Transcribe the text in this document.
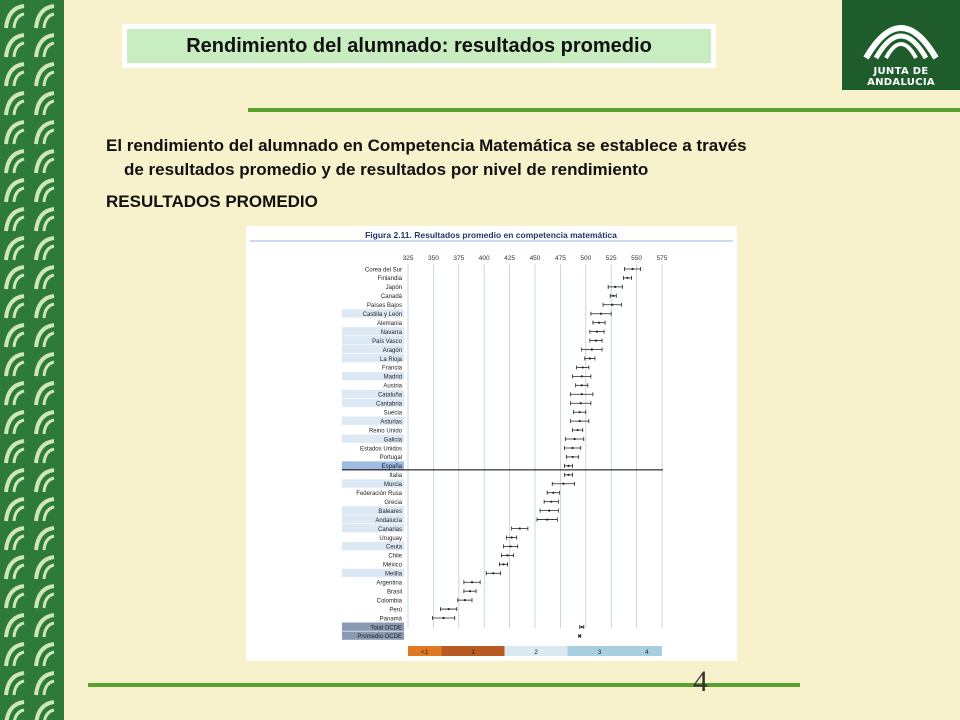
Rendimiento del alumnado: resultados promedio
JUNTA DE ANDALUCIA
El rendimiento del alumnado en Competencia Matemática se establece a través
de resultados promedio y de resultados por nivel de rendimiento
RESULTADOS PROMEDIO
Figura 2.11. Resultados promedio en competencia matemática
325 350 375 400 425 450 475 500 525 550 575
Corea del Sur
Finlandia
Japón
Canadá
Países Bajos
Castilla y León
Alemania
Navarra
País Vasco
Aragón
La Rioja
Francia
Madrid
Austria
Cataluña
Cantabria
Suecia
Asturias
Reino Unido
Galicia
Estados Unidos
Portugal
España
Italia
Murcia
Federación Rusa
Grecia
Baleares
Andalucía
Canarias
Uruguay
Ceuta
Chile
México
Melilla
Argentina
Brasil
Colombia
Perú
Panamá
Total OCDE
Promedio OCDE
<1	1	2	3	4
4
